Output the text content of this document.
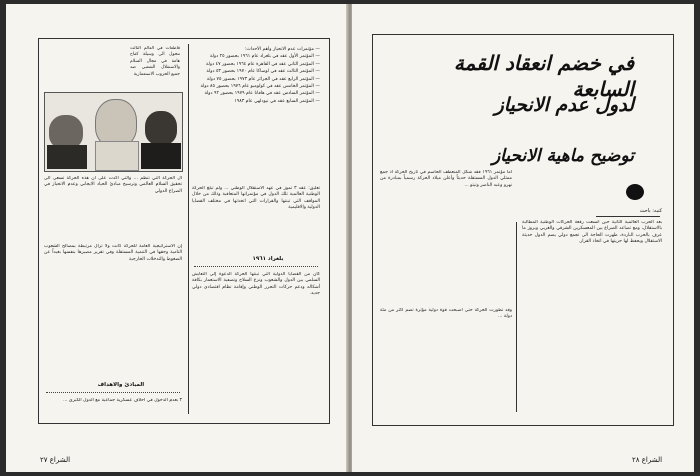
قاطعات في العالم الثالث تتحول الى وسيلة كفاح هامة في مجال السلام والاستقلال الشعبي ضد جميع الحروب الاستعمارية
— مؤتمرات عدم الانحياز وأهم الأحداث:
— المؤتمر الأول عقد في بلغراد عام ١٩٦١ بحضور ٢٥ دولة
— المؤتمر الثاني عقد في القاهرة عام ١٩٦٤ بحضور ٤٧ دولة
— المؤتمر الثالث عقد في لوساكا عام ١٩٧٠ بحضور ٥٣ دولة
— المؤتمر الرابع عقد في الجزائر عام ١٩٧٣ بحضور ٧٥ دولة
— المؤتمر الخامس عقد في كولومبو عام ١٩٧٦ بحضور ٨٥ دولة
— المؤتمر السادس عقد في هافانا عام ١٩٧٩ بحضور ٩٢ دولة
— المؤتمر السابع عقد في نيودلهي عام ١٩٨٣
تعليق: عقد ٣ تموز في عهد الاستقلال الوطني ... ولم تبلغ الحركة الوطنية العالمية تلك الدول في مؤتمراتها المتعاقبة وذلك من خلال المواقف التي تبنتها والقرارات التي اتخذتها في مختلف القضايا الدولية والاقليمية
بلغراد ١٩٦١
كان من القضايا الدولية التي تبنتها الحركة الدعوة إلى التعايش السلمي بين الدول والشعوب ونزع السلاح وتصفية الاستعمار بكافة أشكاله ودعم حركات التحرر الوطني وإقامة نظام اقتصادي دولي جديد.
ال الحركة التي تنظم ... والتي أكدت على ان هذه الحركة تسعى الى تحقيق السلام العالمي وترسيخ مبادئ الحياد الايجابي وعدم الانحياز في الصراع الدولي
إن الاستراتيجية العامة للحركة كانت ولا تزال مرتبطة بمصالح الشعوب النامية وحقها في التنمية المستقلة وفي تقرير مصيرها بنفسها بعيداً عن الضغوط والتدخلات الخارجية
المبادئ والاهداف
٣ بعدم الدخول في أحلاف عسكرية جماعية مع الدول الكبرى ...
الشراع ٢٧
في خضم انعقاد القمة السابعة
لدول عدم الانحياز
توضيح ماهية الانحياز
كتبه: باحث
بعد الحرب العالمية الثانية حين اتسعت رقعة الحركات الوطنية المطالبة بالاستقلال، ومع تصاعد الصراع بين المعسكرين الشرقي والغربي وبروز ما عرف بالحرب الباردة، ظهرت الحاجة الى تجمع دولي يضم الدول حديثة الاستقلال ويحفظ لها حريتها في اتخاذ القرار.
اما مؤتمر ١٩٦١ فقد شكل المنعطف الحاسم في تاريخ الحركة اذ جمع ممثلي الدول المستقلة حديثاً وأعلن ميلاد الحركة رسمياً بمبادرة من نهرو وعبد الناصر وتيتو ...
وقد تطورت الحركة حتى أصبحت قوة دولية مؤثرة تضم أكثر من مئة دولة ...
الشراع ٢٨
